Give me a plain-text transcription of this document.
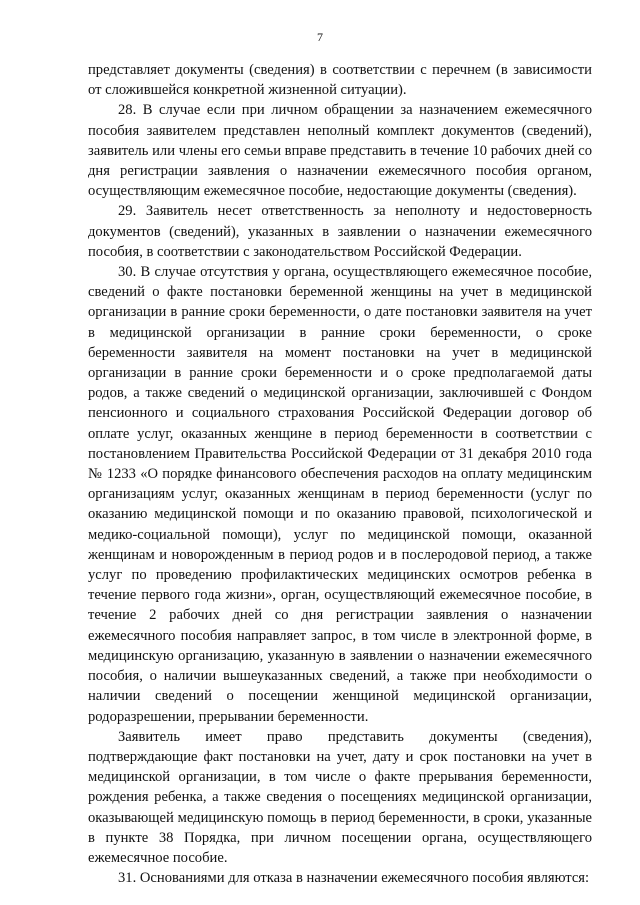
7

представляет документы (сведения) в соответствии с перечнем (в зависимости от сложившейся конкретной жизненной ситуации).

28. В случае если при личном обращении за назначением ежемесячного пособия заявителем представлен неполный комплект документов (сведений), заявитель или члены его семьи вправе представить в течение 10 рабочих дней со дня регистрации заявления о назначении ежемесячного пособия органом, осуществляющим ежемесячное пособие, недостающие документы (сведения).

29. Заявитель несет ответственность за неполноту и недостоверность документов (сведений), указанных в заявлении о назначении ежемесячного пособия, в соответствии с законодательством Российской Федерации.

30. В случае отсутствия у органа, осуществляющего ежемесячное пособие, сведений о факте постановки беременной женщины на учет в медицинской организации в ранние сроки беременности, о дате постановки заявителя на учет в медицинской организации в ранние сроки беременности, о сроке беременности заявителя на момент постановки на учет в медицинской организации в ранние сроки беременности и о сроке предполагаемой даты родов, а также сведений о медицинской организации, заключившей с Фондом пенсионного и социального страхования Российской Федерации договор об оплате услуг, оказанных женщине в период беременности в соответствии с постановлением Правительства Российской Федерации от 31 декабря 2010 года № 1233 «О порядке финансового обеспечения расходов на оплату медицинским организациям услуг, оказанных женщинам в период беременности (услуг по оказанию медицинской помощи и по оказанию правовой, психологической и медико-социальной помощи), услуг по медицинской помощи, оказанной женщинам и новорожденным в период родов и в послеродовой период, а также услуг по проведению профилактических медицинских осмотров ребенка в течение первого года жизни», орган, осуществляющий ежемесячное пособие, в течение 2 рабочих дней со дня регистрации заявления о назначении ежемесячного пособия направляет запрос, в том числе в электронной форме, в медицинскую организацию, указанную в заявлении о назначении ежемесячного пособия, о наличии вышеуказанных сведений, а также при необходимости о наличии сведений о посещении женщиной медицинской организации, родоразрешении, прерывании беременности.

Заявитель имеет право представить документы (сведения), подтверждающие факт постановки на учет, дату и срок постановки на учет в медицинской организации, в том числе о факте прерывания беременности, рождения ребенка, а также сведения о посещениях медицинской организации, оказывающей медицинскую помощь в период беременности, в сроки, указанные в пункте 38 Порядка, при личном посещении органа, осуществляющего ежемесячное пособие.

31. Основаниями для отказа в назначении ежемесячного пособия являются:
